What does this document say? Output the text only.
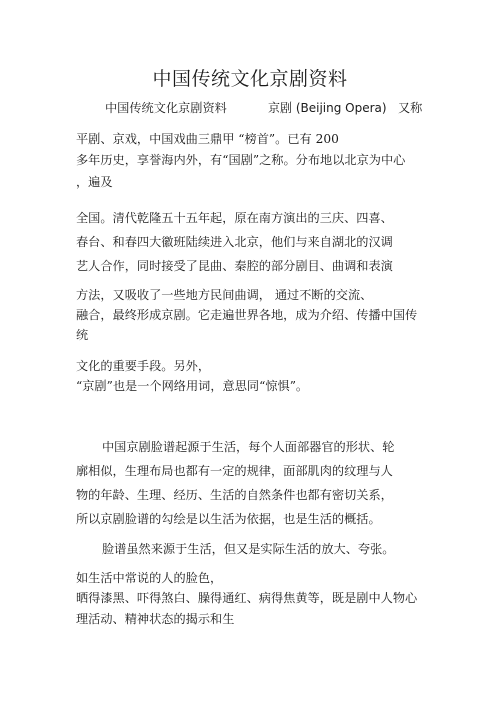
中国传统文化京剧资料
中国传统文化京剧资料	京剧 (Beijing Opera) 又称
平剧、京戏，中国戏曲三鼎甲 “榜首”。已有 200
多年历史，享誉海内外，有“国剧”之称。分布地以北京为中心
，遍及
全国。清代乾隆五十五年起，原在南方演出的三庆、四喜、
春台、和春四大徽班陆续进入北京，他们与来自湖北的汉调
艺人合作，同时接受了昆曲、秦腔的部分剧目、曲调和表演
方法，又吸收了一些地方民间曲调， 通过不断的交流、
融合，最终形成京剧。它走遍世界各地，成为介绍、传播中国传
统
文化的重要手段。另外，
“京剧”也是一个网络用词，意思同“惊惧”。
中国京剧脸谱起源于生活，每个人面部器官的形状、轮
廓相似，生理布局也都有一定的规律，面部肌肉的纹理与人
物的年龄、生理、经历、生活的自然条件也都有密切关系，
所以京剧脸谱的勾绘是以生活为依据，也是生活的概括。
脸谱虽然来源于生活，但又是实际生活的放大、夸张。
如生活中常说的人的脸色，
晒得漆黑、吓得煞白、臊得通红、病得焦黄等，既是剧中人物心
理活动、精神状态的揭示和生
